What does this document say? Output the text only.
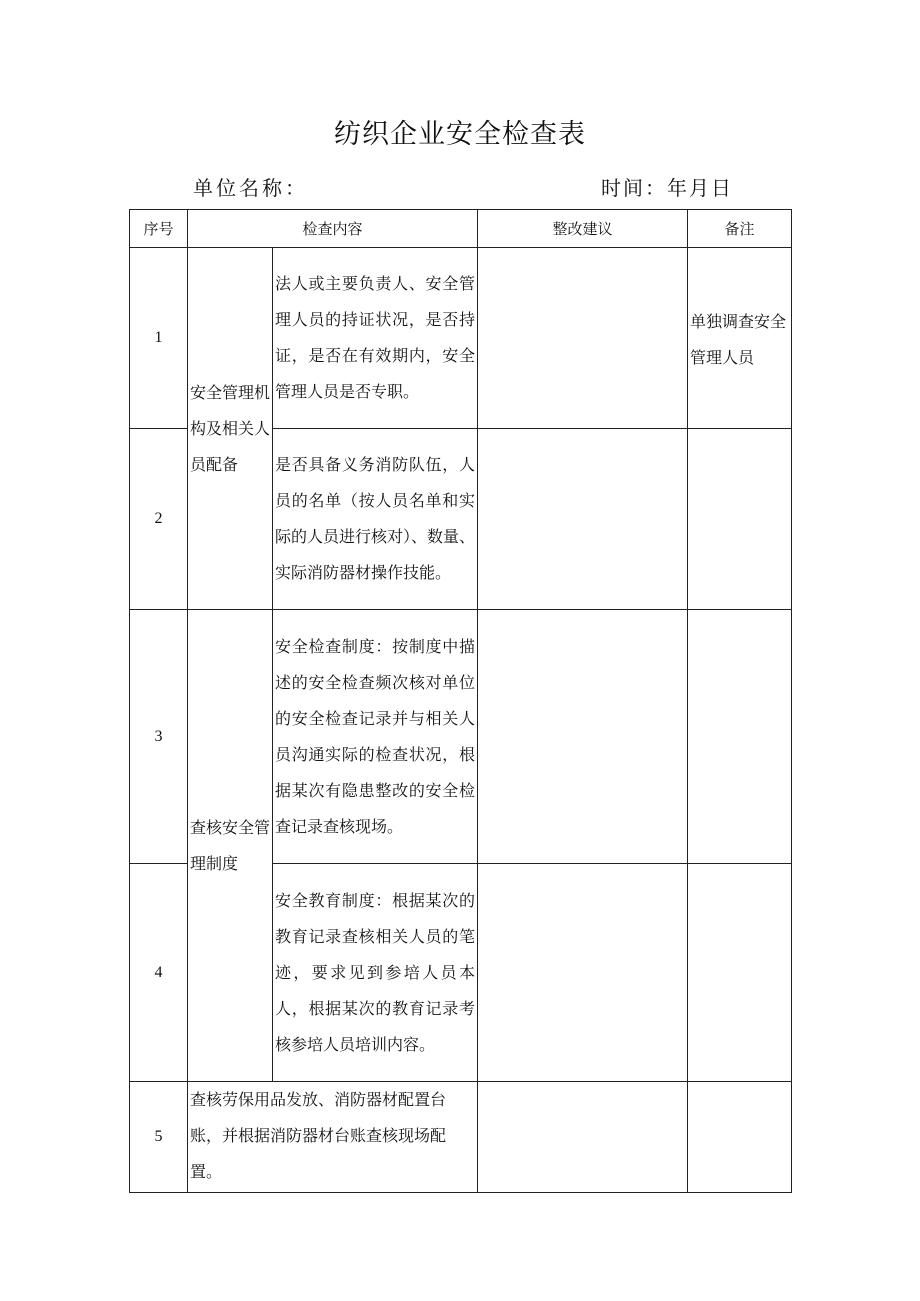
纺织企业安全检查表
单位名称：	时间：年月日
序号	检查内容		整改建议	备注
1	安全管理机构及相关人员配备	法人或主要负责人、安全管理人员的持证状况，是否持证，是否在有效期内，安全管理人员是否专职。		单独调查安全管理人员
2		是否具备义务消防队伍，人员的名单（按人员名单和实际的人员进行核对）、数量、实际消防器材操作技能。		
3	查核安全管理制度	安全检查制度：按制度中描述的安全检查频次核对单位的安全检查记录并与相关人员沟通实际的检查状况，根据某次有隐患整改的安全检查记录查核现场。		
4		安全教育制度：根据某次的教育记录查核相关人员的笔迹，要求见到参培人员本人，根据某次的教育记录考核参培人员培训内容。		
5	查核劳保用品发放、消防器材配置台账，并根据消防器材台账查核现场配置。			
